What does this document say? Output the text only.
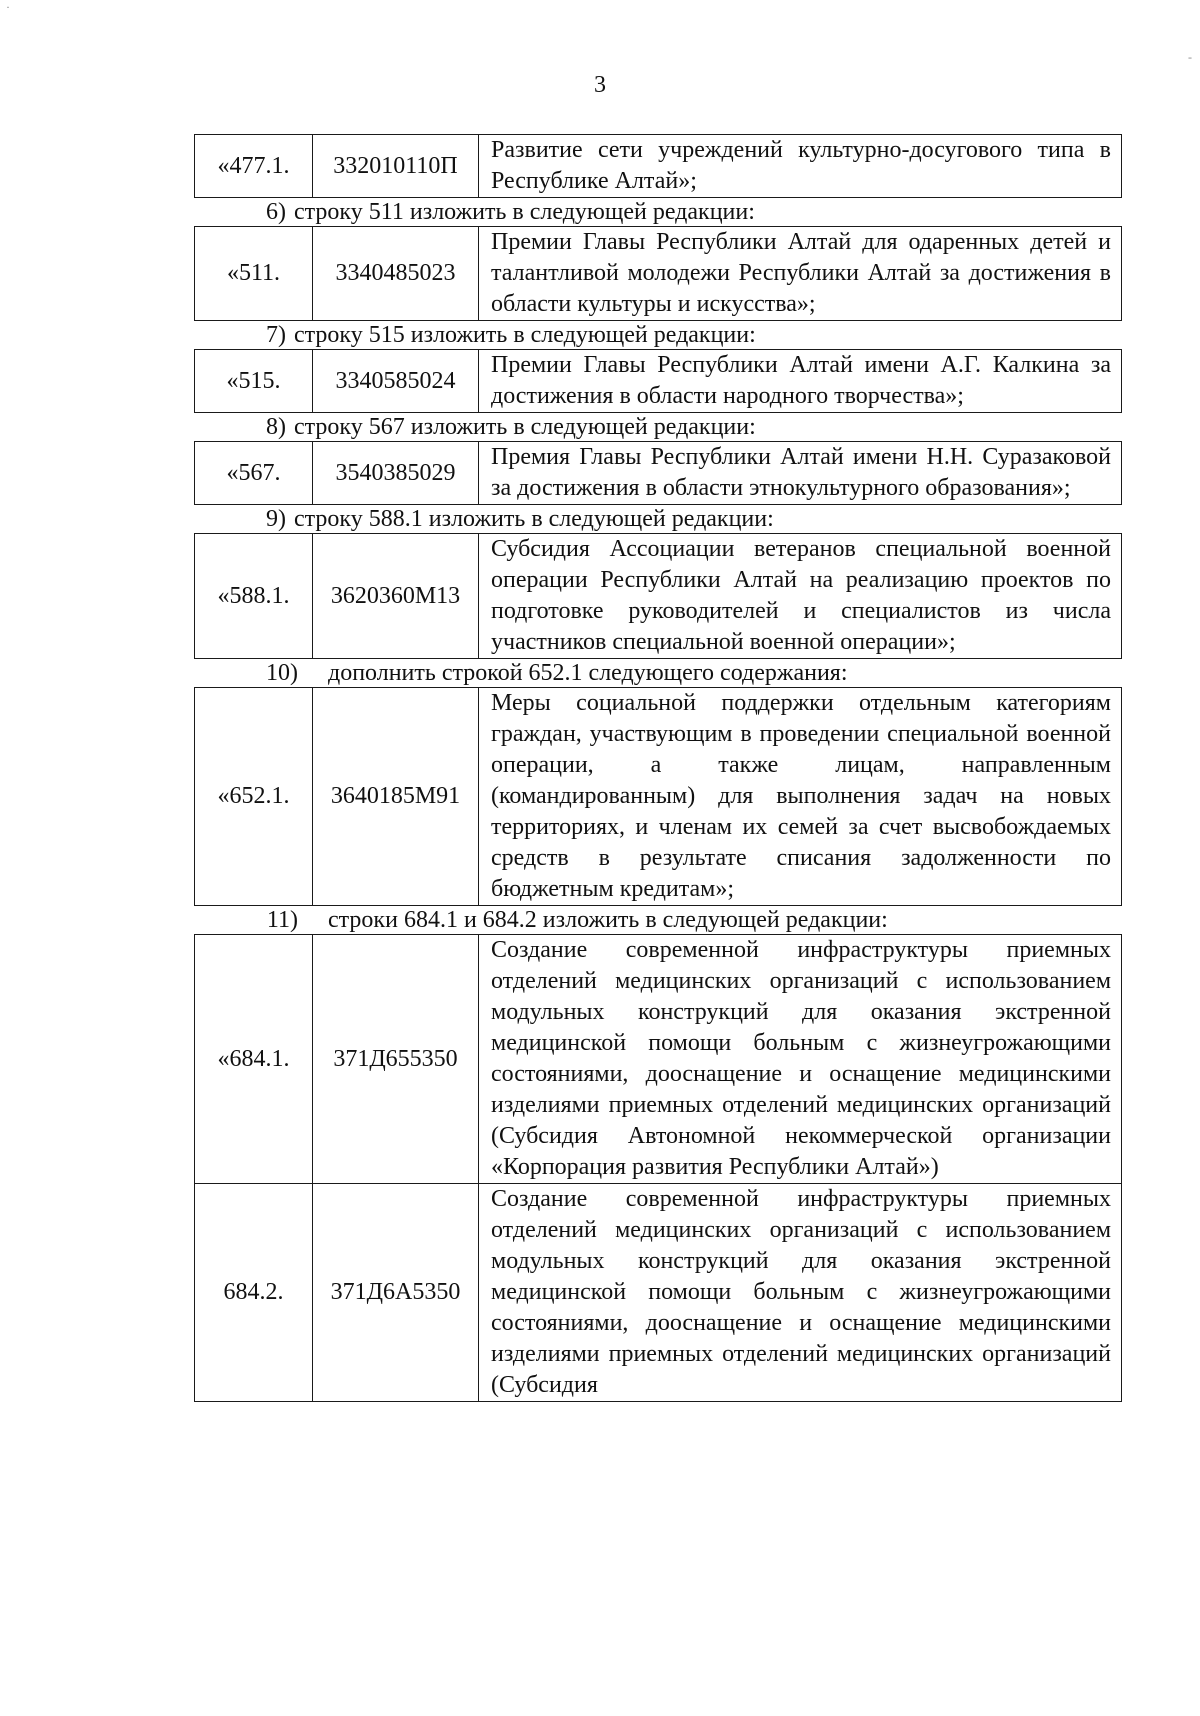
·
-
3
«477.1.	332010110П	Развитие сети учреждений культурно-досугового типа в Республике Алтай»;
6) строку 511 изложить в следующей редакции:
«511.	3340485023	Премии Главы Республики Алтай для одаренных детей и талантливой молодежи Республики Алтай за достижения в области культуры и искусства»;
7) строку 515 изложить в следующей редакции:
«515.	3340585024	Премии Главы Республики Алтай имени А.Г. Калкина за достижения в области народного творчества»;
8) строку 567 изложить в следующей редакции:
«567.	3540385029	Премия Главы Республики Алтай имени Н.Н. Суразаковой за достижения в области этнокультурного образования»;
9) строку 588.1 изложить в следующей редакции:
«588.1.	3620360М13	Субсидия Ассоциации ветеранов специальной военной операции Республики Алтай на реализацию проектов по подготовке руководителей и специалистов из числа участников специальной военной операции»;
10) дополнить строкой 652.1 следующего содержания:
«652.1.	3640185М91	Меры социальной поддержки отдельным категориям граждан, участвующим в проведении специальной военной операции, а также лицам, направленным (командированным) для выполнения задач на новых территориях, и членам их семей за счет высвобождаемых средств в результате списания задолженности по бюджетным кредитам»;
11) строки 684.1 и 684.2 изложить в следующей редакции:
«684.1.	371Д655350	Создание современной инфраструктуры приемных отделений медицинских организаций с использованием модульных конструкций для оказания экстренной медицинской помощи больным с жизнеугрожающими состояниями, дооснащение и оснащение медицинскими изделиями приемных отделений медицинских организаций (Субсидия Автономной некоммерческой организации «Корпорация развития Республики Алтай»)
684.2.	371Д6А5350	Создание современной инфраструктуры приемных отделений медицинских организаций с использованием модульных конструкций для оказания экстренной медицинской помощи больным с жизнеугрожающими состояниями, дооснащение и оснащение медицинскими изделиями приемных отделений медицинских организаций (Субсидия
